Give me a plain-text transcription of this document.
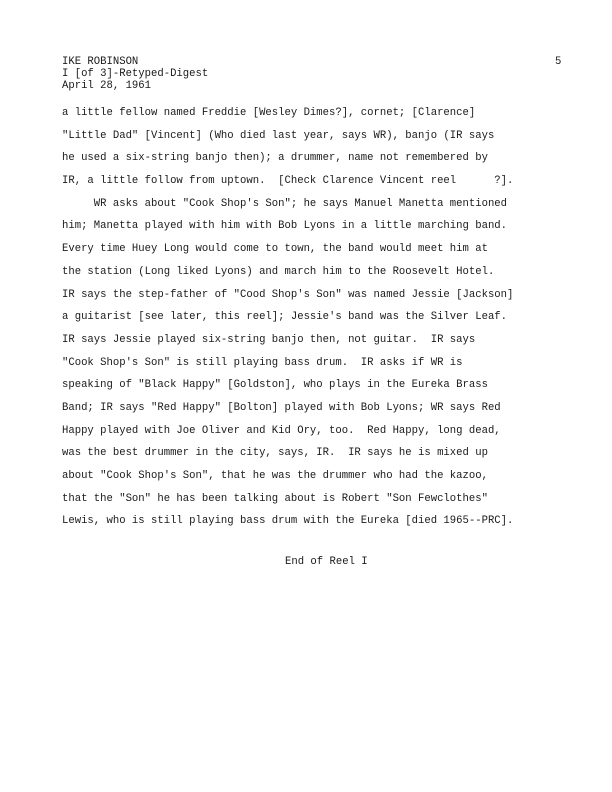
IKE ROBINSON
I [of 3]-Retyped-Digest
April 28, 1961
5
a little fellow named Freddie [Wesley Dimes?], cornet; [Clarence]
"Little Dad" [Vincent] (Who died last year, says WR), banjo (IR says
he used a six-string banjo then); a drummer, name not remembered by
IR, a little follow from uptown.  [Check Clarence Vincent reel      ?].
WR asks about "Cook Shop's Son"; he says Manuel Manetta mentioned
him; Manetta played with him with Bob Lyons in a little marching band.
Every time Huey Long would come to town, the band would meet him at
the station (Long liked Lyons) and march him to the Roosevelt Hotel.
IR says the step-father of "Cood Shop's Son" was named Jessie [Jackson]
a guitarist [see later, this reel]; Jessie's band was the Silver Leaf.
IR says Jessie played six-string banjo then, not guitar.  IR says
"Cook Shop's Son" is still playing bass drum.  IR asks if WR is
speaking of "Black Happy" [Goldston], who plays in the Eureka Brass
Band; IR says "Red Happy" [Bolton] played with Bob Lyons; WR says Red
Happy played with Joe Oliver and Kid Ory, too.  Red Happy, long dead,
was the best drummer in the city, says, IR.  IR says he is mixed up
about "Cook Shop's Son", that he was the drummer who had the kazoo,
that the "Son" he has been talking about is Robert "Son Fewclothes"
Lewis, who is still playing bass drum with the Eureka [died 1965--PRC].
End of Reel I
